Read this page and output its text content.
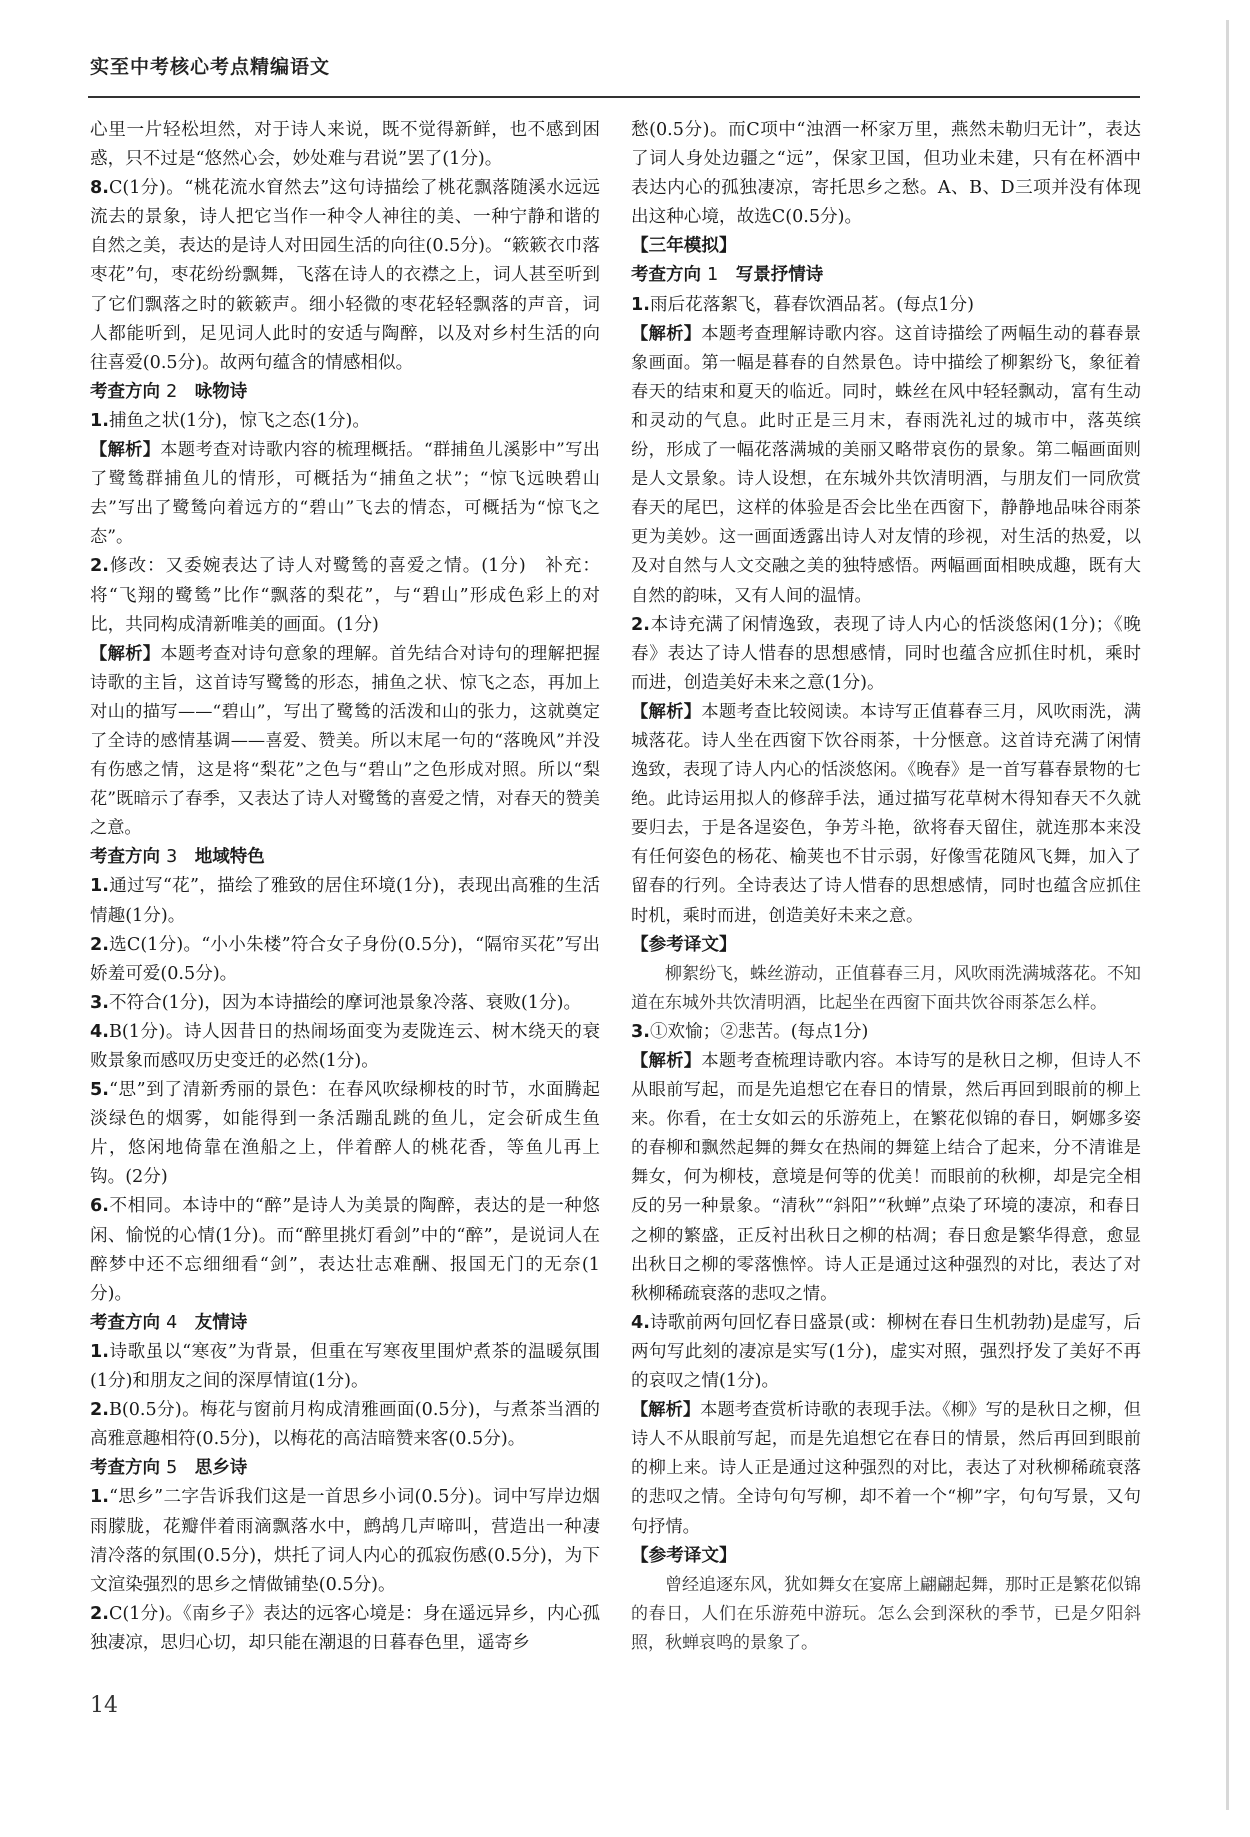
实至中考核心考点精编语文

心里一片轻松坦然，对于诗人来说，既不觉得新鲜，也不感到困惑，只不过是“悠然心会，妙处难与君说”罢了(1分)。

8.C(1分)。“桃花流水窅然去”这句诗描绘了桃花飘落随溪水远远流去的景象，诗人把它当作一种令人神往的美、一种宁静和谐的自然之美，表达的是诗人对田园生活的向往(0.5分)。“簌簌衣巾落枣花”句，枣花纷纷飘舞，飞落在诗人的衣襟之上，词人甚至听到了它们飘落之时的簌簌声。细小轻微的枣花轻轻飘落的声音，词人都能听到，足见词人此时的安适与陶醉，以及对乡村生活的向往喜爱(0.5分)。故两句蕴含的情感相似。

考查方向 2　 咏物诗

1.捕鱼之状(1分)，惊飞之态(1分)。

【解析】本题考查对诗歌内容的梳理概括。“群捕鱼儿溪影中”写出了鹭鸶群捕鱼儿的情形，可概括为“捕鱼之状”；“惊飞远映碧山去”写出了鹭鸶向着远方的“碧山”飞去的情态，可概括为“惊飞之态”。

2.修改：又委婉表达了诗人对鹭鸶的喜爱之情。(1分)　补充：将“飞翔的鹭鸶”比作“飘落的梨花”，与“碧山”形成色彩上的对比，共同构成清新唯美的画面。(1分)

【解析】本题考查对诗句意象的理解。首先结合对诗句的理解把握诗歌的主旨，这首诗写鹭鸶的形态，捕鱼之状、惊飞之态，再加上对山的描写——“碧山”，写出了鹭鸶的活泼和山的张力，这就奠定了全诗的感情基调——喜爱、赞美。所以末尾一句的“落晚风”并没有伤感之情，这是将“梨花”之色与“碧山”之色形成对照。所以“梨花”既暗示了春季，又表达了诗人对鹭鸶的喜爱之情，对春天的赞美之意。

考查方向 3　 地域特色

1.通过写“花”，描绘了雅致的居住环境(1分)，表现出高雅的生活情趣(1分)。

2.选C(1分)。“小小朱楼”符合女子身份(0.5分)，“隔帘买花”写出娇羞可爱(0.5分)。

3.不符合(1分)，因为本诗描绘的摩诃池景象冷落、衰败(1分)。

4.B(1分)。诗人因昔日的热闹场面变为麦陇连云、树木绕天的衰败景象而感叹历史变迁的必然(1分)。

5.“思”到了清新秀丽的景色：在春风吹绿柳枝的时节，水面腾起淡绿色的烟雾，如能得到一条活蹦乱跳的鱼儿，定会斫成生鱼片，悠闲地倚靠在渔船之上，伴着醉人的桃花香，等鱼儿再上钩。(2分)

6.不相同。本诗中的“醉”是诗人为美景的陶醉，表达的是一种悠闲、愉悦的心情(1分)。而“醉里挑灯看剑”中的“醉”，是说词人在醉梦中还不忘细细看“剑”，表达壮志难酬、报国无门的无奈(1分)。

考查方向 4　 友情诗

1.诗歌虽以“寒夜”为背景，但重在写寒夜里围炉煮茶的温暖氛围(1分)和朋友之间的深厚情谊(1分)。

2.B(0.5分)。梅花与窗前月构成清雅画面(0.5分)，与煮茶当酒的高雅意趣相符(0.5分)，以梅花的高洁暗赞来客(0.5分)。

考查方向 5　 思乡诗

1.“思乡”二字告诉我们这是一首思乡小词(0.5分)。词中写岸边烟雨朦胧，花瓣伴着雨滴飘落水中，鹧鸪几声啼叫，营造出一种凄清冷落的氛围(0.5分)，烘托了词人内心的孤寂伤感(0.5分)，为下文渲染强烈的思乡之情做铺垫(0.5分)。

2.C(1分)。《南乡子》表达的远客心境是：身在遥远异乡，内心孤独凄凉，思归心切，却只能在潮退的日暮春色里，遥寄乡

愁(0.5分)。而C项中“浊酒一杯家万里，燕然未勒归无计”，表达了词人身处边疆之“远”，保家卫国，但功业未建，只有在杯酒中表达内心的孤独凄凉，寄托思乡之愁。A、B、D三项并没有体现出这种心境，故选C(0.5分)。

【三年模拟】

考查方向 1　 写景抒情诗

1.雨后花落絮飞，暮春饮酒品茗。(每点1分)

【解析】本题考查理解诗歌内容。这首诗描绘了两幅生动的暮春景象画面。第一幅是暮春的自然景色。诗中描绘了柳絮纷飞，象征着春天的结束和夏天的临近。同时，蛛丝在风中轻轻飘动，富有生动和灵动的气息。此时正是三月末，春雨洗礼过的城市中，落英缤纷，形成了一幅花落满城的美丽又略带哀伤的景象。第二幅画面则是人文景象。诗人设想，在东城外共饮清明酒，与朋友们一同欣赏春天的尾巴，这样的体验是否会比坐在西窗下，静静地品味谷雨茶更为美妙。这一画面透露出诗人对友情的珍视，对生活的热爱，以及对自然与人文交融之美的独特感悟。两幅画面相映成趣，既有大自然的韵味，又有人间的温情。

2.本诗充满了闲情逸致，表现了诗人内心的恬淡悠闲(1分)；《晚春》表达了诗人惜春的思想感情，同时也蕴含应抓住时机，乘时而进，创造美好未来之意(1分)。

【解析】本题考查比较阅读。本诗写正值暮春三月，风吹雨洗，满城落花。诗人坐在西窗下饮谷雨茶，十分惬意。这首诗充满了闲情逸致，表现了诗人内心的恬淡悠闲。《晚春》是一首写暮春景物的七绝。此诗运用拟人的修辞手法，通过描写花草树木得知春天不久就要归去，于是各逞姿色，争芳斗艳，欲将春天留住，就连那本来没有任何姿色的杨花、榆荚也不甘示弱，好像雪花随风飞舞，加入了留春的行列。全诗表达了诗人惜春的思想感情，同时也蕴含应抓住时机，乘时而进，创造美好未来之意。

【参考译文】

柳絮纷飞，蛛丝游动，正值暮春三月，风吹雨洗满城落花。不知道在东城外共饮清明酒，比起坐在西窗下面共饮谷雨茶怎么样。

3.①欢愉；②悲苦。(每点1分)

【解析】本题考查梳理诗歌内容。本诗写的是秋日之柳，但诗人不从眼前写起，而是先追想它在春日的情景，然后再回到眼前的柳上来。你看，在士女如云的乐游苑上，在繁花似锦的春日，婀娜多姿的春柳和飘然起舞的舞女在热闹的舞筵上结合了起来，分不清谁是舞女，何为柳枝，意境是何等的优美！而眼前的秋柳，却是完全相反的另一种景象。“清秋”“斜阳”“秋蝉”点染了环境的凄凉，和春日之柳的繁盛，正反衬出秋日之柳的枯凋；春日愈是繁华得意，愈显出秋日之柳的零落憔悴。诗人正是通过这种强烈的对比，表达了对秋柳稀疏衰落的悲叹之情。

4.诗歌前两句回忆春日盛景(或：柳树在春日生机勃勃)是虚写，后两句写此刻的凄凉是实写(1分)，虚实对照，强烈抒发了美好不再的哀叹之情(1分)。

【解析】本题考查赏析诗歌的表现手法。《柳》写的是秋日之柳，但诗人不从眼前写起，而是先追想它在春日的情景，然后再回到眼前的柳上来。诗人正是通过这种强烈的对比，表达了对秋柳稀疏衰落的悲叹之情。全诗句句写柳，却不着一个“柳”字，句句写景，又句句抒情。

【参考译文】

曾经追逐东风，犹如舞女在宴席上翩翩起舞，那时正是繁花似锦的春日，人们在乐游苑中游玩。怎么会到深秋的季节，已是夕阳斜照，秋蝉哀鸣的景象了。

14
